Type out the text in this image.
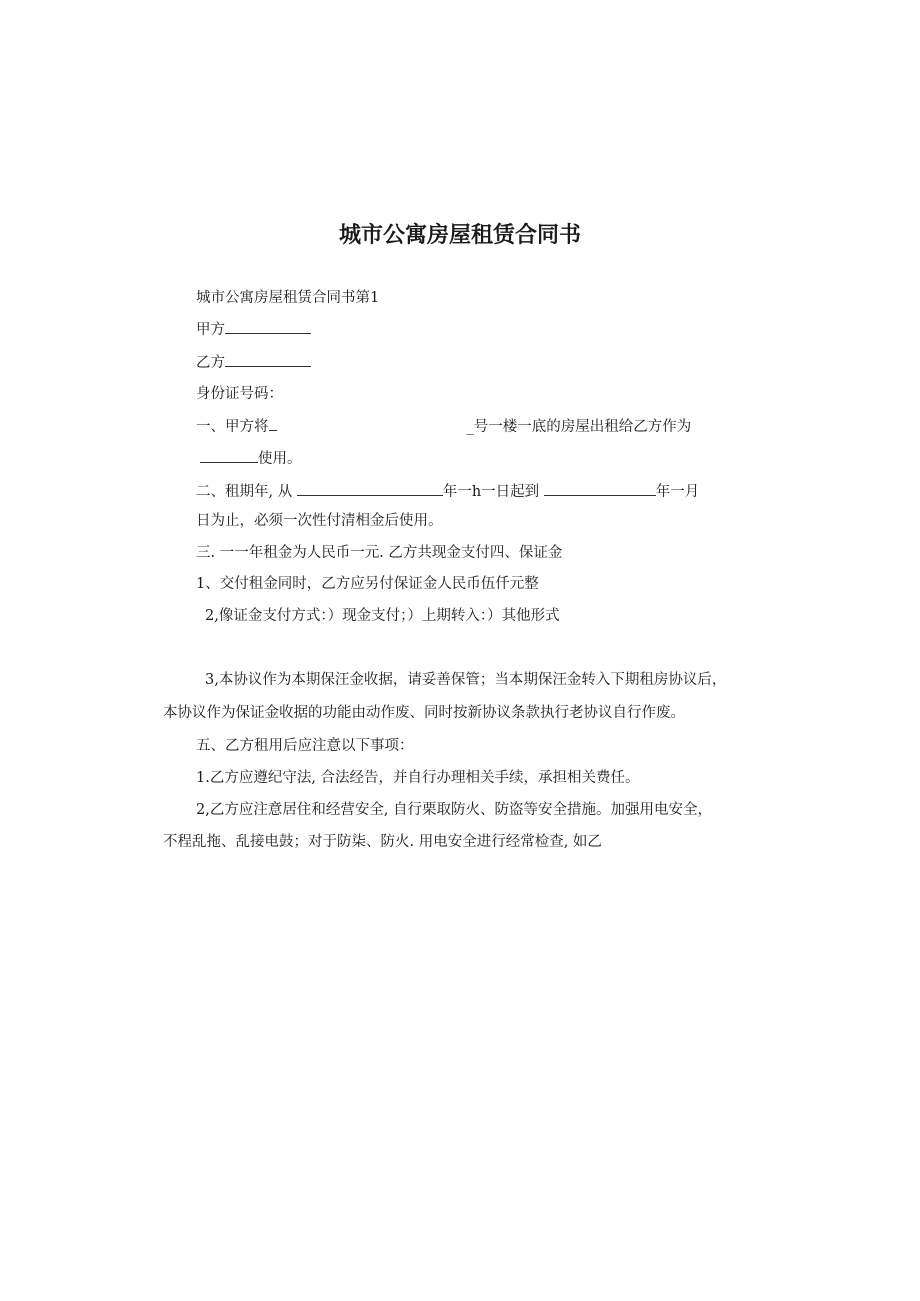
城市公寓房屋租赁合同书
城市公寓房屋租赁合同书第1
甲方
乙方
身份证号码：
一、甲方将	_号一楼一底的房屋出租给乙方作为
使用。
二、租期年, 从	年一h一日起到	年一月
日为止，必须一次性付清相金后使用。
三. 一一年租金为人民币一元. 乙方共现金支付四、保证金
1、交付租金同时，乙方应另付保证金人民币伍仟元整
2,像证金支付方式：）现金支付；）上期转入：）其他形式
3,本协议作为本期保汪金收据，请妥善保管；当本期保汪金转入下期租房协议后，
本协议作为保证金收据的功能由动作废、同时按新协议条款执行老协议自行作废。
五、乙方租用后应注意以下事项：
1.乙方应遵纪守法, 合法经告，并自行办理相关手续，承担相关费任。
2,乙方应注意居住和经营安全, 自行栗取防火、防盗等安全措施。加强用电安全，
不程乱拖、乱接电鼓；对于防柒、防火. 用电安全进行经常检查, 如乙
